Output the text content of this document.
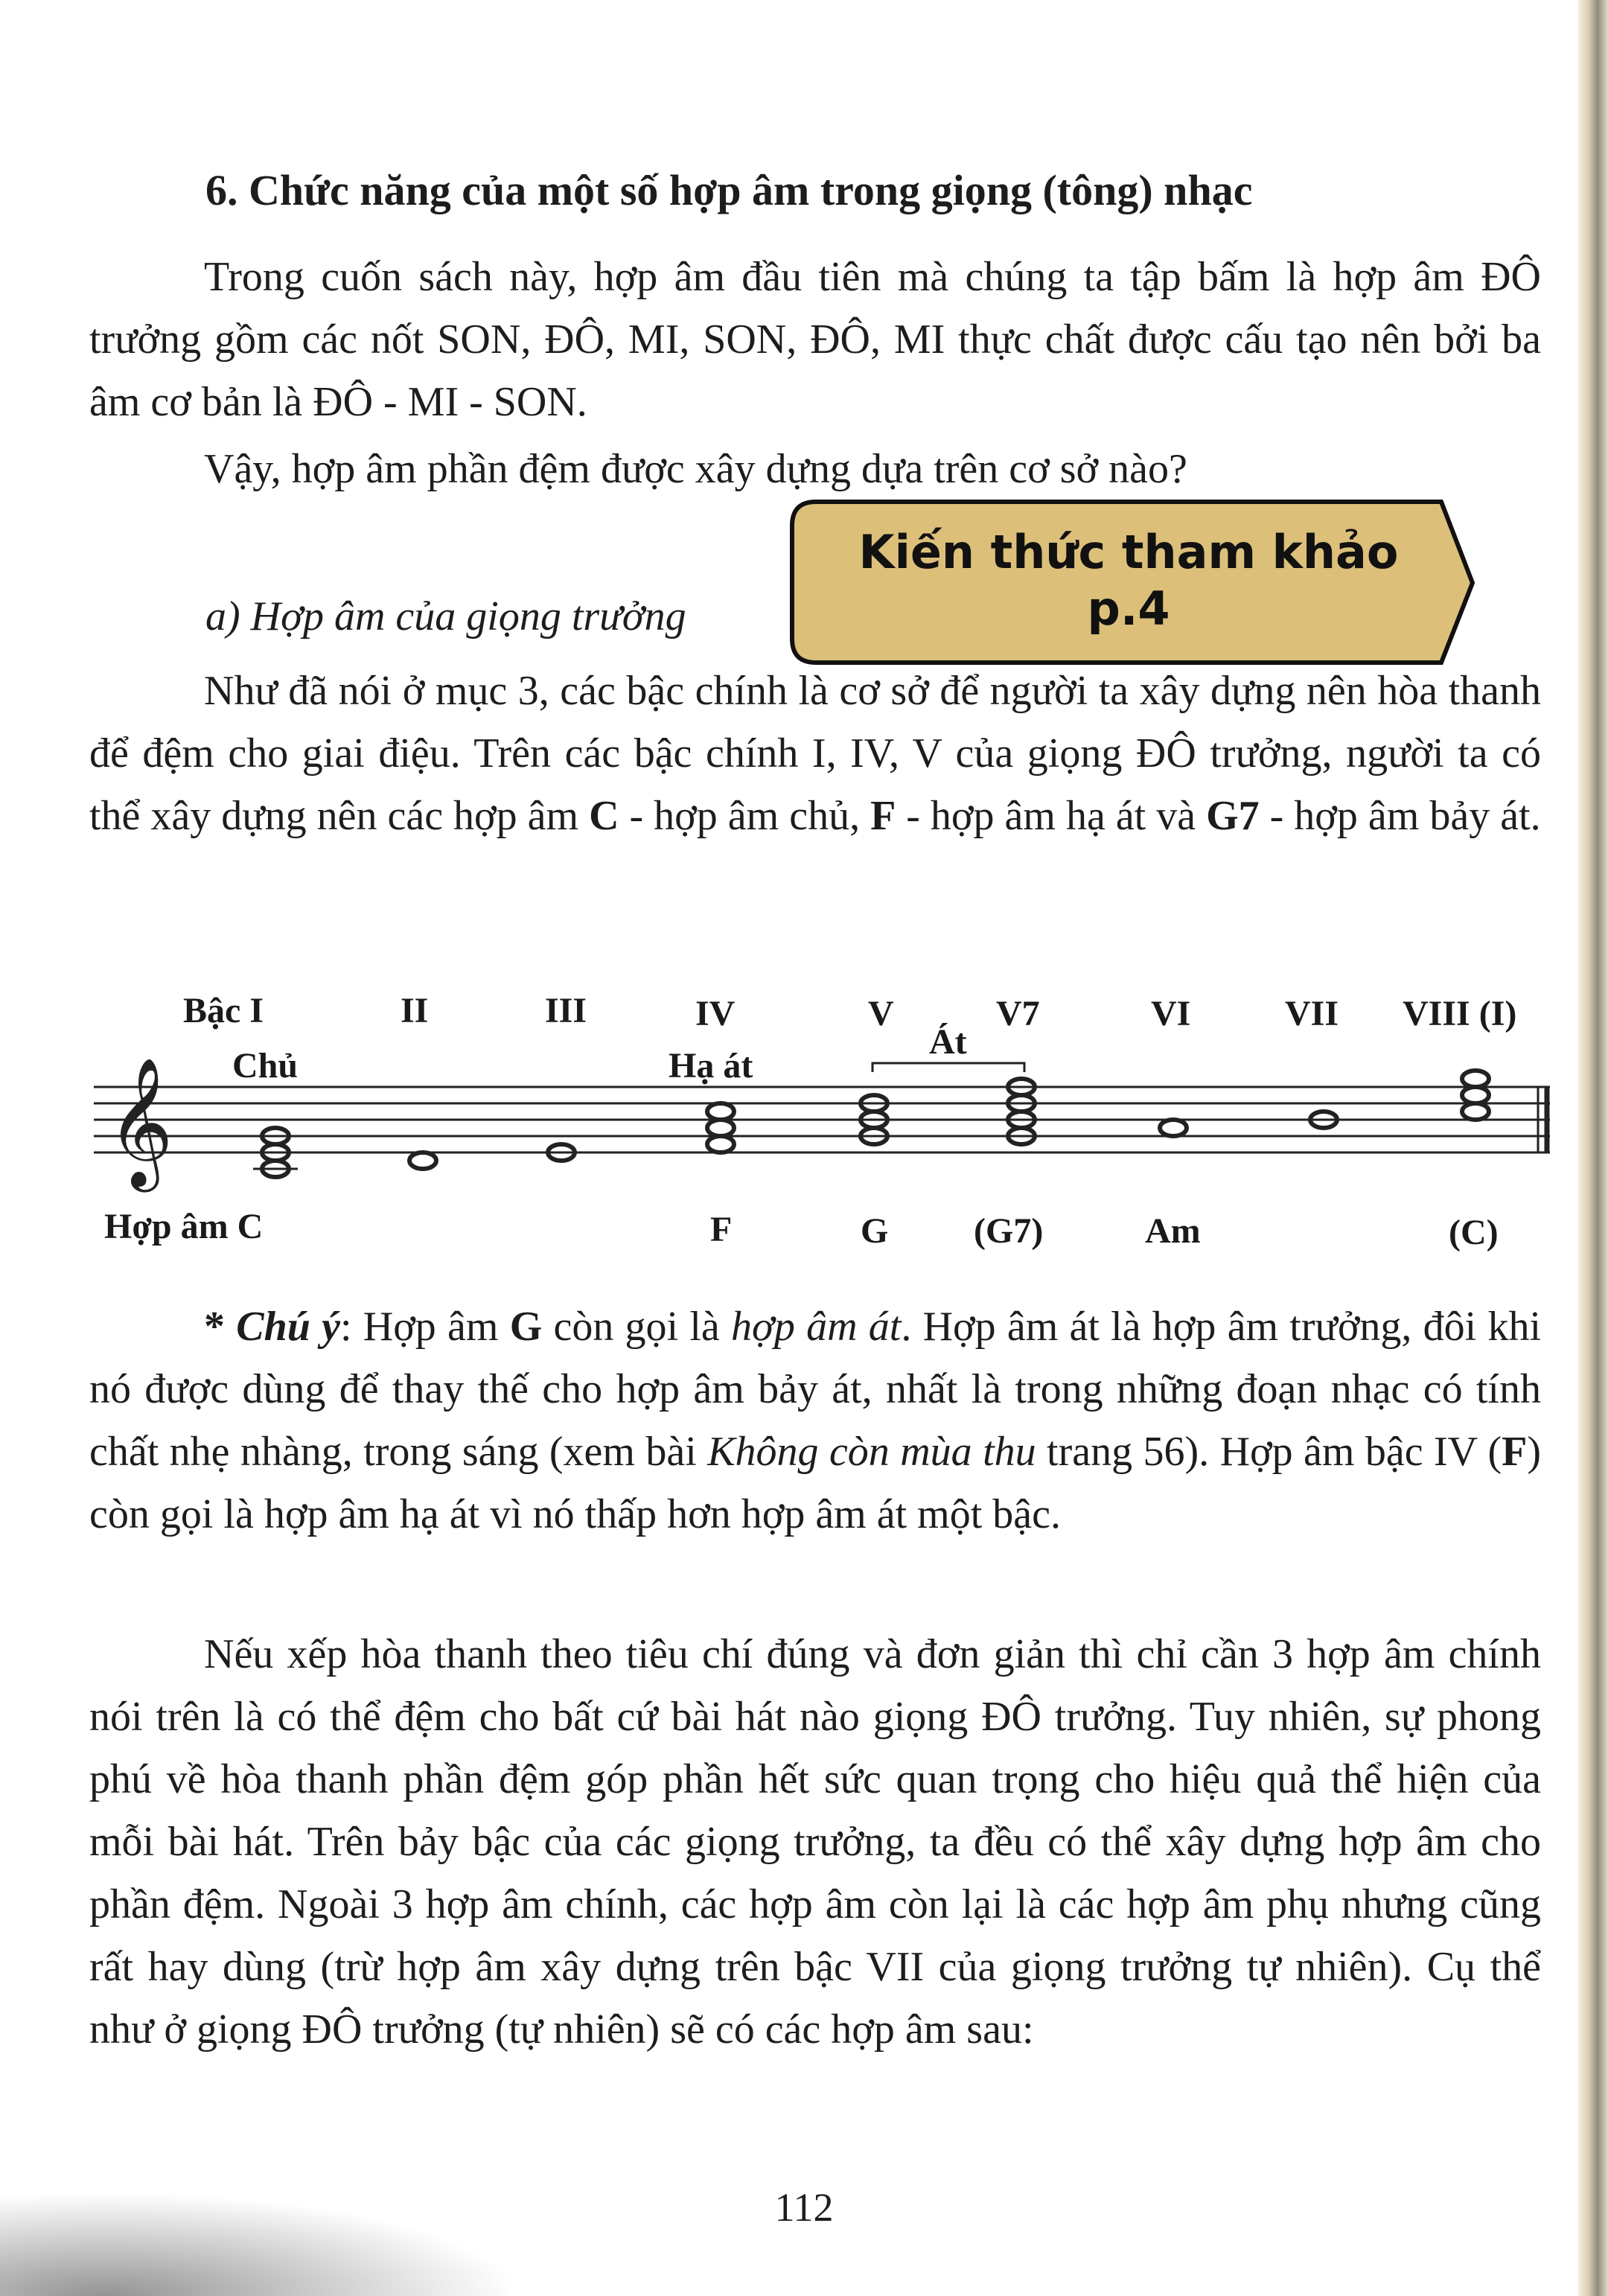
6. Chức năng của một số hợp âm trong giọng (tông) nhạc
Trong cuốn sách này, hợp âm đầu tiên mà chúng ta tập bấm là hợp âm ĐÔ trưởng gồm các nốt SON, ĐÔ, MI, SON, ĐÔ, MI thực chất được cấu tạo nên bởi ba âm cơ bản là ĐÔ - MI - SON.
Vậy, hợp âm phần đệm được xây dựng dựa trên cơ sở nào?
a) Hợp âm của giọng trưởng
Kiến thức tham khảo
p.4
Như đã nói ở mục 3, các bậc chính là cơ sở để người ta xây dựng nên hòa thanh để đệm cho giai điệu. Trên các bậc chính I, IV, V của giọng ĐÔ trưởng, người ta có thể xây dựng nên các hợp âm C - hợp âm chủ, F - hợp âm hạ át và G7 - hợp âm bảy át.
Bậc I	II	III	IV	V	V7	VI	VII VIII (I)
Chủ	Hạ át
Át
𝄞
Hợp âm C	F	G (G7)	Am	(C)
* Chú ý: Hợp âm G còn gọi là hợp âm át. Hợp âm át là hợp âm trưởng, đôi khi nó được dùng để thay thế cho hợp âm bảy át, nhất là trong những đoạn nhạc có tính chất nhẹ nhàng, trong sáng (xem bài Không còn mùa thu trang 56). Hợp âm bậc IV (F) còn gọi là hợp âm hạ át vì nó thấp hơn hợp âm át một bậc.
Nếu xếp hòa thanh theo tiêu chí đúng và đơn giản thì chỉ cần 3 hợp âm chính nói trên là có thể đệm cho bất cứ bài hát nào giọng ĐÔ trưởng. Tuy nhiên, sự phong phú về hòa thanh phần đệm góp phần hết sức quan trọng cho hiệu quả thể hiện của mỗi bài hát. Trên bảy bậc của các giọng trưởng, ta đều có thể xây dựng hợp âm cho phần đệm. Ngoài 3 hợp âm chính, các hợp âm còn lại là các hợp âm phụ nhưng cũng rất hay dùng (trừ hợp âm xây dựng trên bậc VII của giọng trưởng tự nhiên). Cụ thể như ở giọng ĐÔ trưởng (tự nhiên) sẽ có các hợp âm sau:
112
